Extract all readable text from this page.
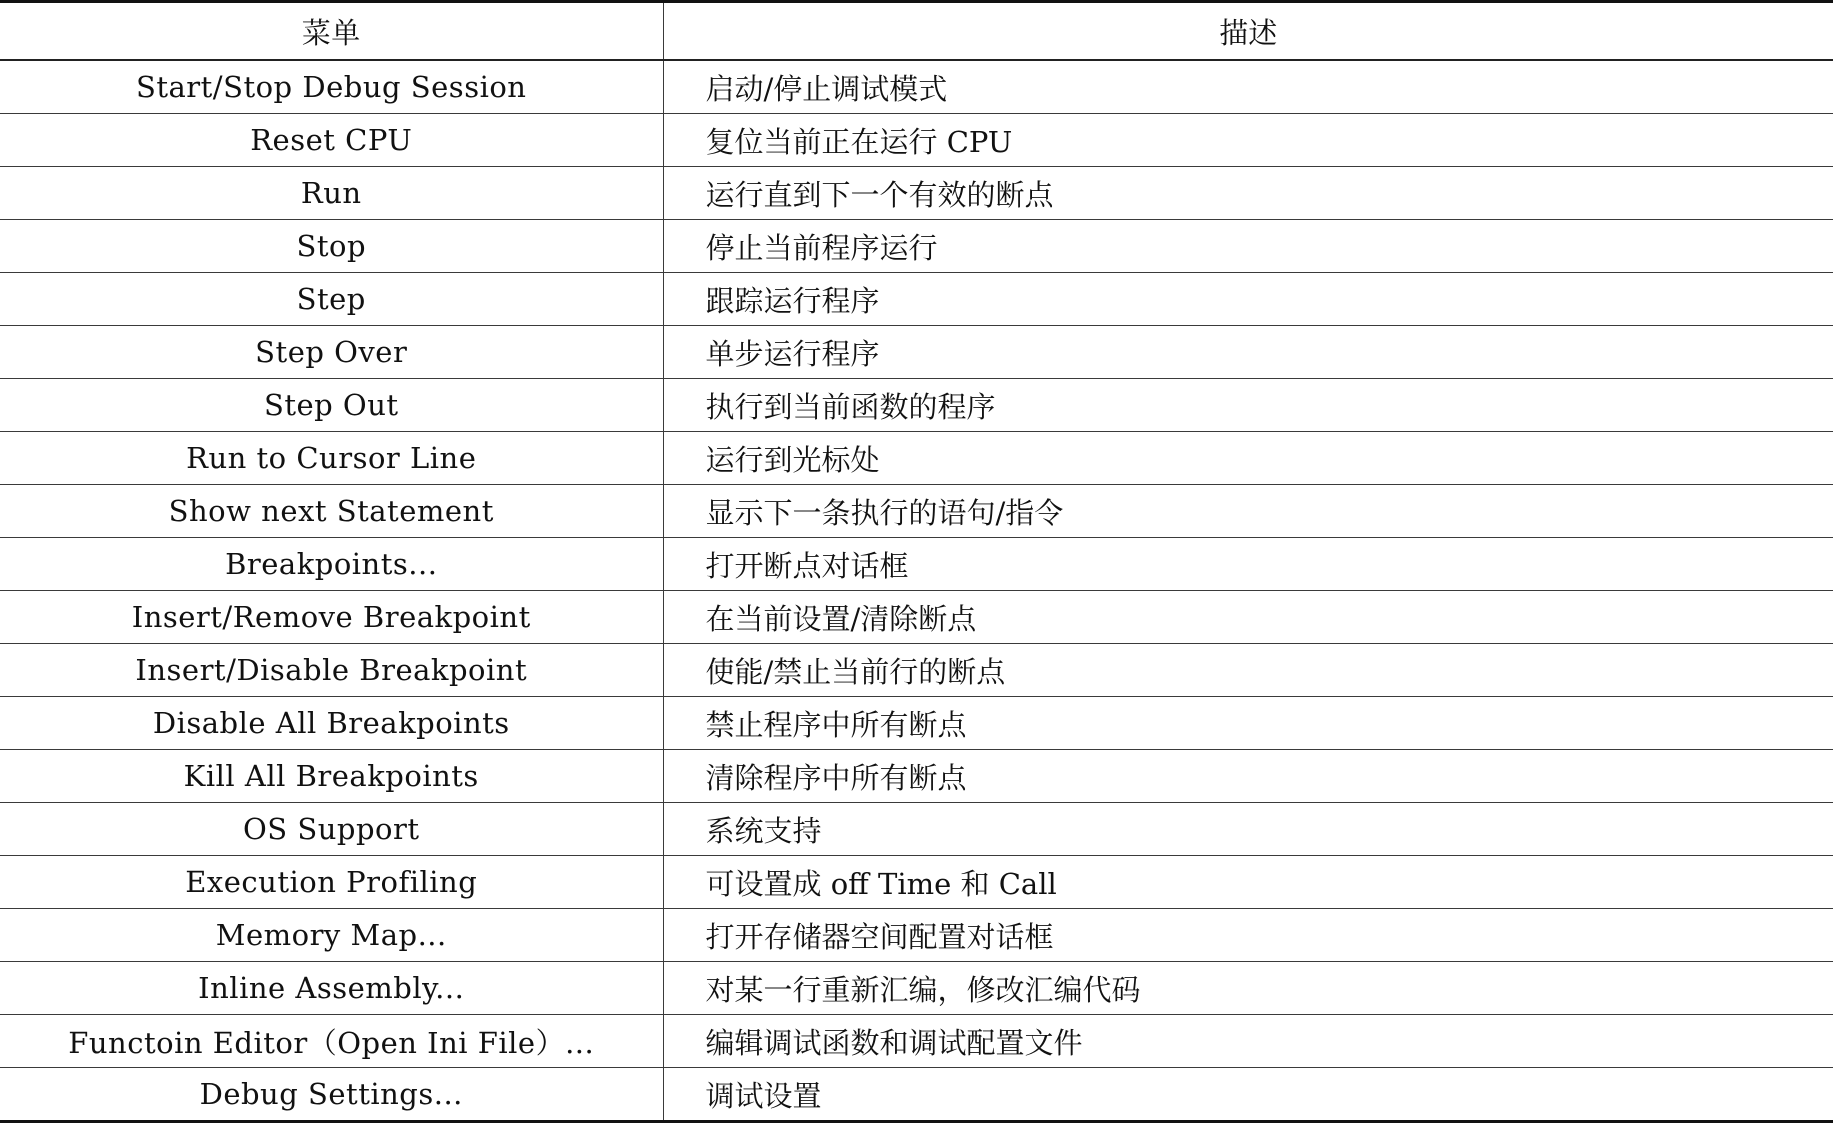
菜单	描述
Start/Stop Debug Session	启动/停止调试模式
Reset CPU	复位当前正在运行 CPU
Run	运行直到下一个有效的断点
Stop	停止当前程序运行
Step	跟踪运行程序
Step Over	单步运行程序
Step Out	执行到当前函数的程序
Run to Cursor Line	运行到光标处
Show next Statement	显示下一条执行的语句/指令
Breakpoints...	打开断点对话框
Insert/Remove Breakpoint	在当前设置/清除断点
Insert/Disable Breakpoint	使能/禁止当前行的断点
Disable All Breakpoints	禁止程序中所有断点
Kill All Breakpoints	清除程序中所有断点
OS Support	系统支持
Execution Profiling	可设置成 off Time 和 Call
Memory Map...	打开存储器空间配置对话框
Inline Assembly...	对某一行重新汇编，修改汇编代码
Functoin Editor（Open Ini File）...	编辑调试函数和调试配置文件
Debug Settings...	调试设置
